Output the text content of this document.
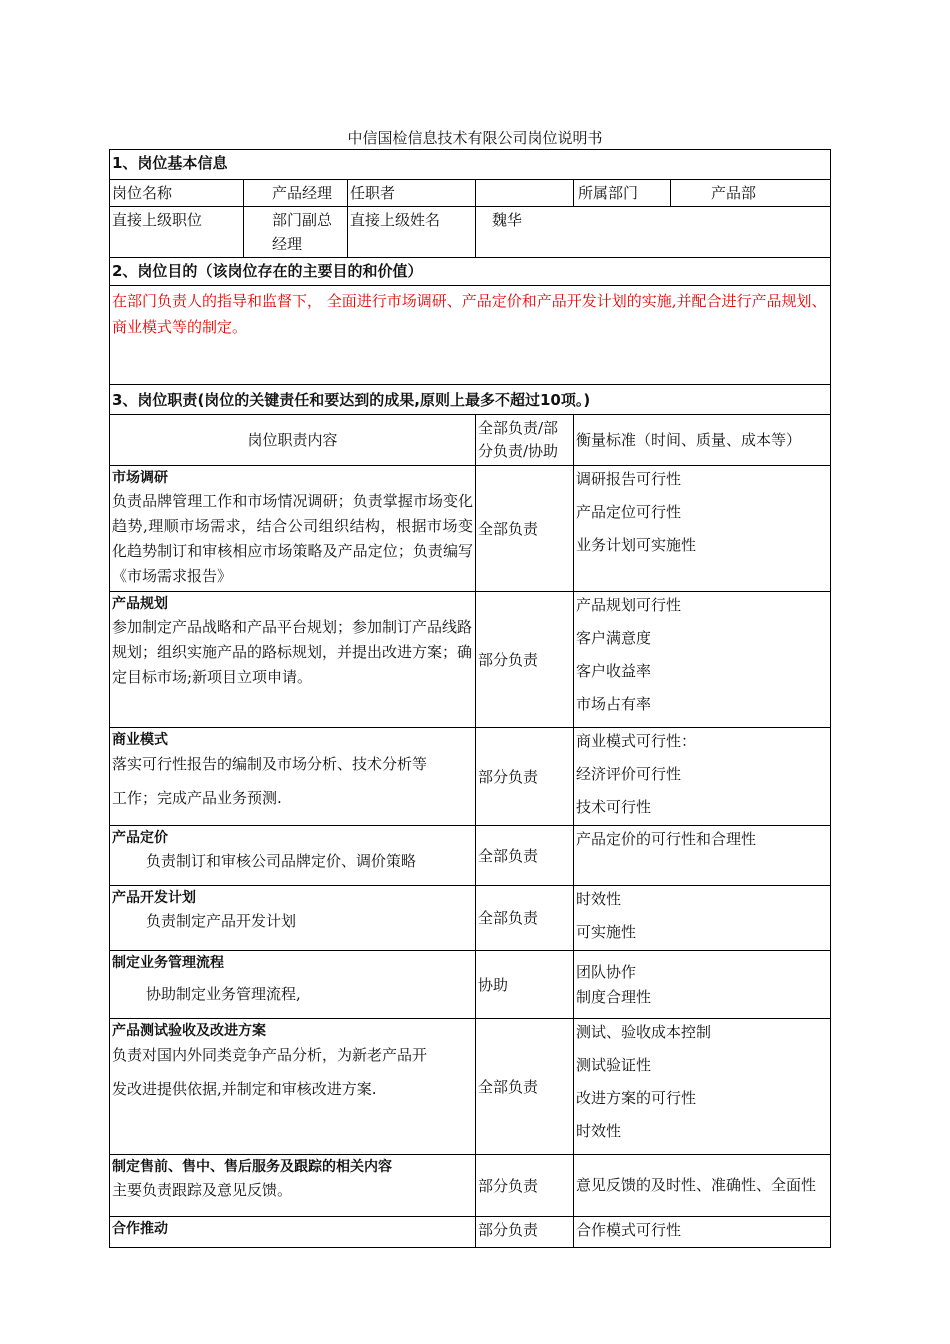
中信国检信息技术有限公司岗位说明书
1、岗位基本信息					
岗位名称	产品经理	任职者		所属部门	产品部
直接上级职位	部门副总经理	直接上级姓名	魏华		
2、岗位目的（该岗位存在的主要目的和价值）					
在部门负责人的指导和监督下， 全面进行市场调研、产品定价和产品开发计划的实施,并配合进行产品规划、商业模式等的制定。					
3、岗位职责(岗位的关键责任和要达到的成果,原则上最多不超过10项。)					
岗位职责内容			全部负责/部分负责/协助	衡量标准（时间、质量、成本等）	

市场调研
负责品牌管理工作和市场情况调研；负责掌握市场变化趋势,理顺市场需求，结合公司组织结构，根据市场变化趋势制订和审核相应市场策略及产品定位；负责编写《市场需求报告》			全部负责	调研报告可行性
产品定位可行性
业务计划可实施性	

产品规划
参加制定产品战略和产品平台规划；参加制订产品线路规划；组织实施产品的路标规划，并提出改进方案；确定目标市场;新项目立项申请。			部分负责	产品规划可行性
客户满意度
客户收益率
市场占有率	

商业模式
落实可行性报告的编制及市场分析、技术分析等
工作；完成产品业务预测.			部分负责	商业模式可行性：
经济评价可行性
技术可行性	

产品定价
负责制订和审核公司品牌定价、调价策略			全部负责	产品定价的可行性和合理性	

产品开发计划
负责制定产品开发计划			全部负责	时效性
可实施性	

制定业务管理流程
协助制定业务管理流程,			协助	团队协作
制度合理性	

产品测试验收及改进方案
负责对国内外同类竞争产品分析，为新老产品开
发改进提供依据,并制定和审核改进方案.			全部负责	测试、验收成本控制
测试验证性
改进方案的可行性
时效性	

制定售前、售中、售后服务及跟踪的相关内容
主要负责跟踪及意见反馈。			部分负责	意见反馈的及时性、准确性、全面性	

合作推动			部分负责	合作模式可行性	
